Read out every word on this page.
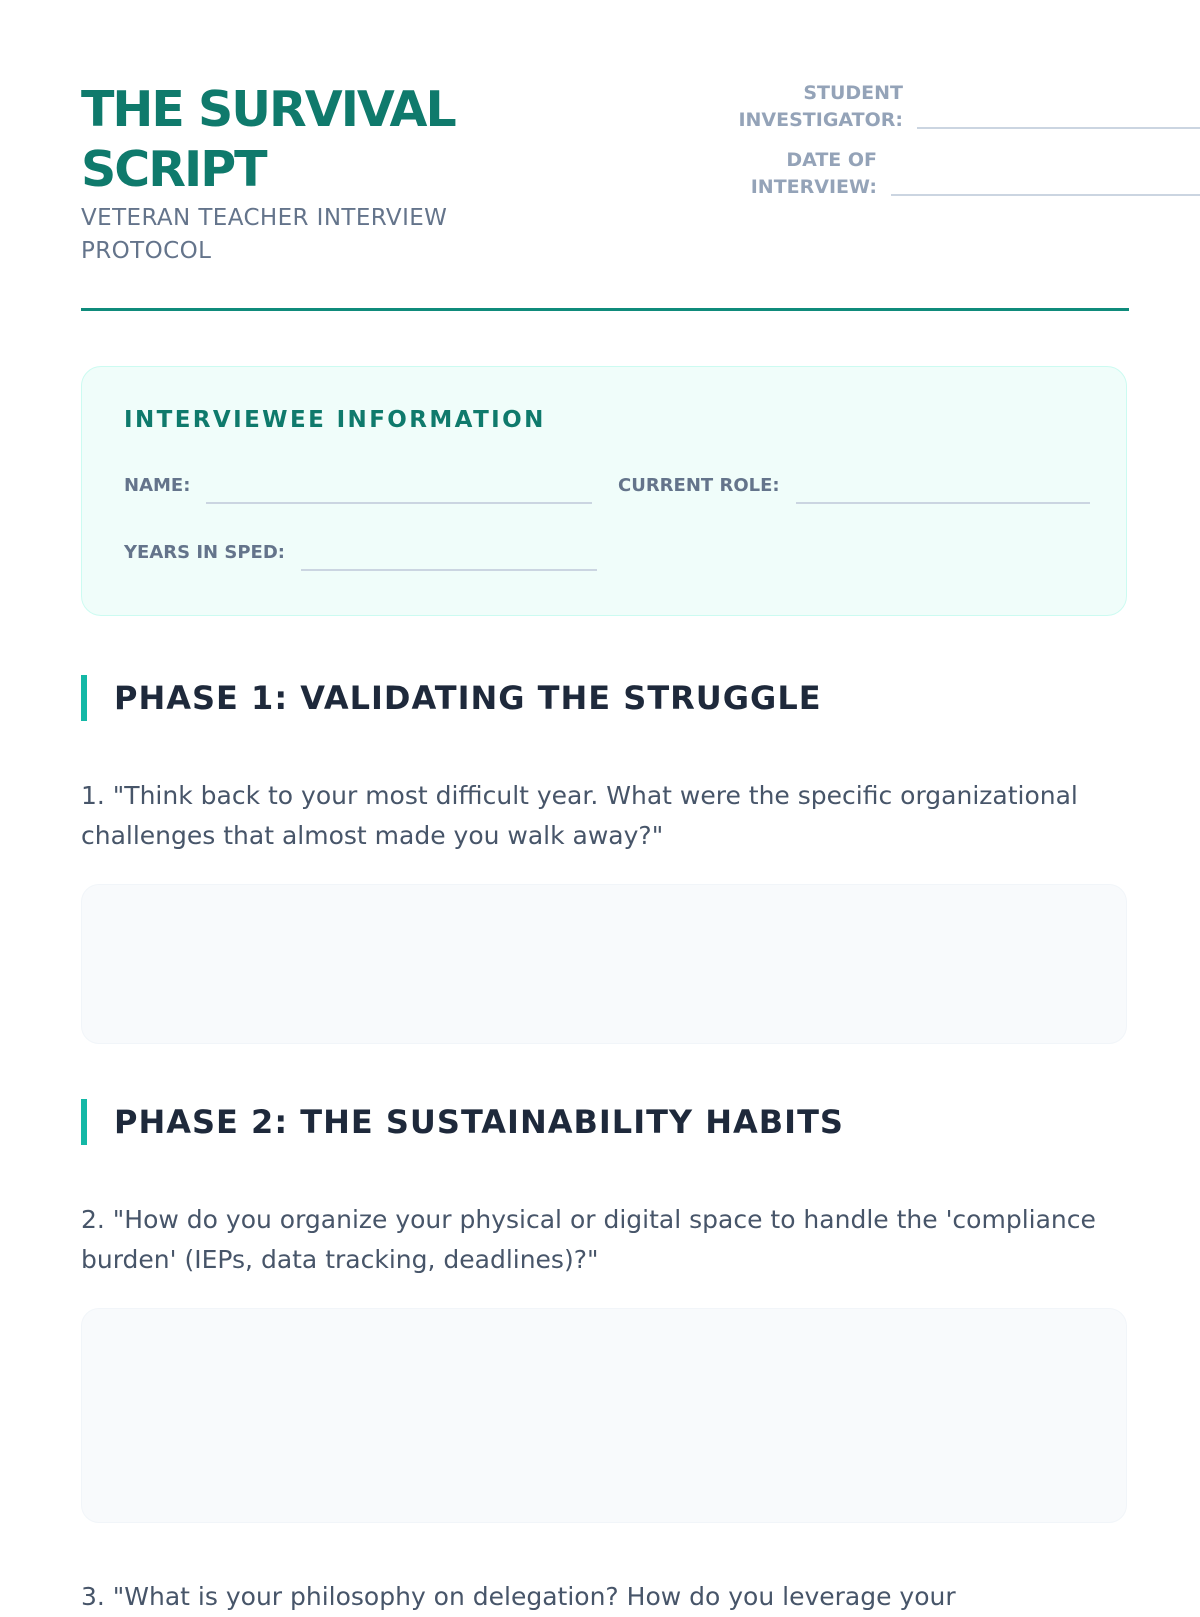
THE SURVIVAL SCRIPT
VETERAN TEACHER INTERVIEW PROTOCOL
STUDENT INVESTIGATOR:
DATE OF INTERVIEW:
INTERVIEWEE INFORMATION
NAME:	CURRENT ROLE:
YEARS IN SPED:
PHASE 1: VALIDATING THE STRUGGLE
1. "Think back to your most difficult year. What were the specific organizational challenges that almost made you walk away?"
PHASE 2: THE SUSTAINABILITY HABITS
2. "How do you organize your physical or digital space to handle the 'compliance burden' (IEPs, data tracking, deadlines)?"
3. "What is your philosophy on delegation? How do you leverage your
